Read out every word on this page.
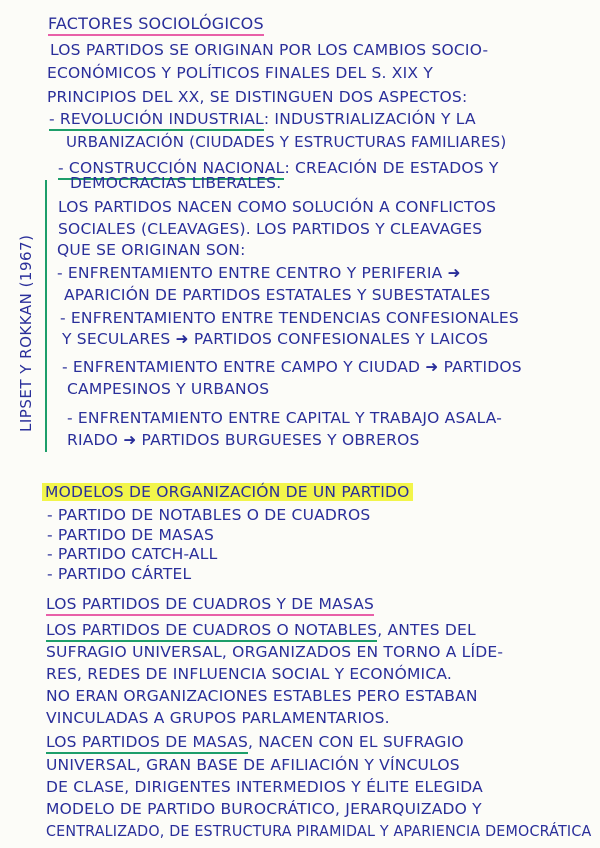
FACTORES SOCIOLÓGICOS
LOS PARTIDOS SE ORIGINAN POR LOS CAMBIOS SOCIO-
ECONÓMICOS Y POLÍTICOS FINALES DEL S. XIX Y
PRINCIPIOS DEL XX, SE DISTINGUEN DOS ASPECTOS:
- REVOLUCIÓN INDUSTRIAL: INDUSTRIALIZACIÓN Y LA
URBANIZACIÓN (CIUDADES Y ESTRUCTURAS FAMILIARES)
- CONSTRUCCIÓN NACIONAL: CREACIÓN DE ESTADOS Y
DEMOCRACIAS LIBERALES.
LIPSET Y ROKKAN (1967)
LOS PARTIDOS NACEN COMO SOLUCIÓN A CONFLICTOS
SOCIALES (CLEAVAGES). LOS PARTIDOS Y CLEAVAGES
QUE SE ORIGINAN SON:
- ENFRENTAMIENTO ENTRE CENTRO Y PERIFERIA ➜
APARICIÓN DE PARTIDOS ESTATALES Y SUBESTATALES
- ENFRENTAMIENTO ENTRE TENDENCIAS CONFESIONALES
Y SECULARES ➜ PARTIDOS CONFESIONALES Y LAICOS
- ENFRENTAMIENTO ENTRE CAMPO Y CIUDAD ➜ PARTIDOS
CAMPESINOS Y URBANOS
- ENFRENTAMIENTO ENTRE CAPITAL Y TRABAJO ASALA-
RIADO ➜ PARTIDOS BURGUESES Y OBREROS
MODELOS DE ORGANIZACIÓN DE UN PARTIDO
- PARTIDO DE NOTABLES O DE CUADROS
- PARTIDO DE MASAS
- PARTIDO CATCH-ALL
- PARTIDO CÁRTEL
LOS PARTIDOS DE CUADROS Y DE MASAS
LOS PARTIDOS DE CUADROS O NOTABLES, ANTES DEL
SUFRAGIO UNIVERSAL, ORGANIZADOS EN TORNO A LÍDE-
RES, REDES DE INFLUENCIA SOCIAL Y ECONÓMICA.
NO ERAN ORGANIZACIONES ESTABLES PERO ESTABAN
VINCULADAS A GRUPOS PARLAMENTARIOS.
LOS PARTIDOS DE MASAS, NACEN CON EL SUFRAGIO
UNIVERSAL, GRAN BASE DE AFILIACIÓN Y VÍNCULOS
DE CLASE, DIRIGENTES INTERMEDIOS Y ÉLITE ELEGIDA
MODELO DE PARTIDO BUROCRÁTICO, JERARQUIZADO Y
CENTRALIZADO, DE ESTRUCTURA PIRAMIDAL Y APARIENCIA DEMOCRÁTICA
